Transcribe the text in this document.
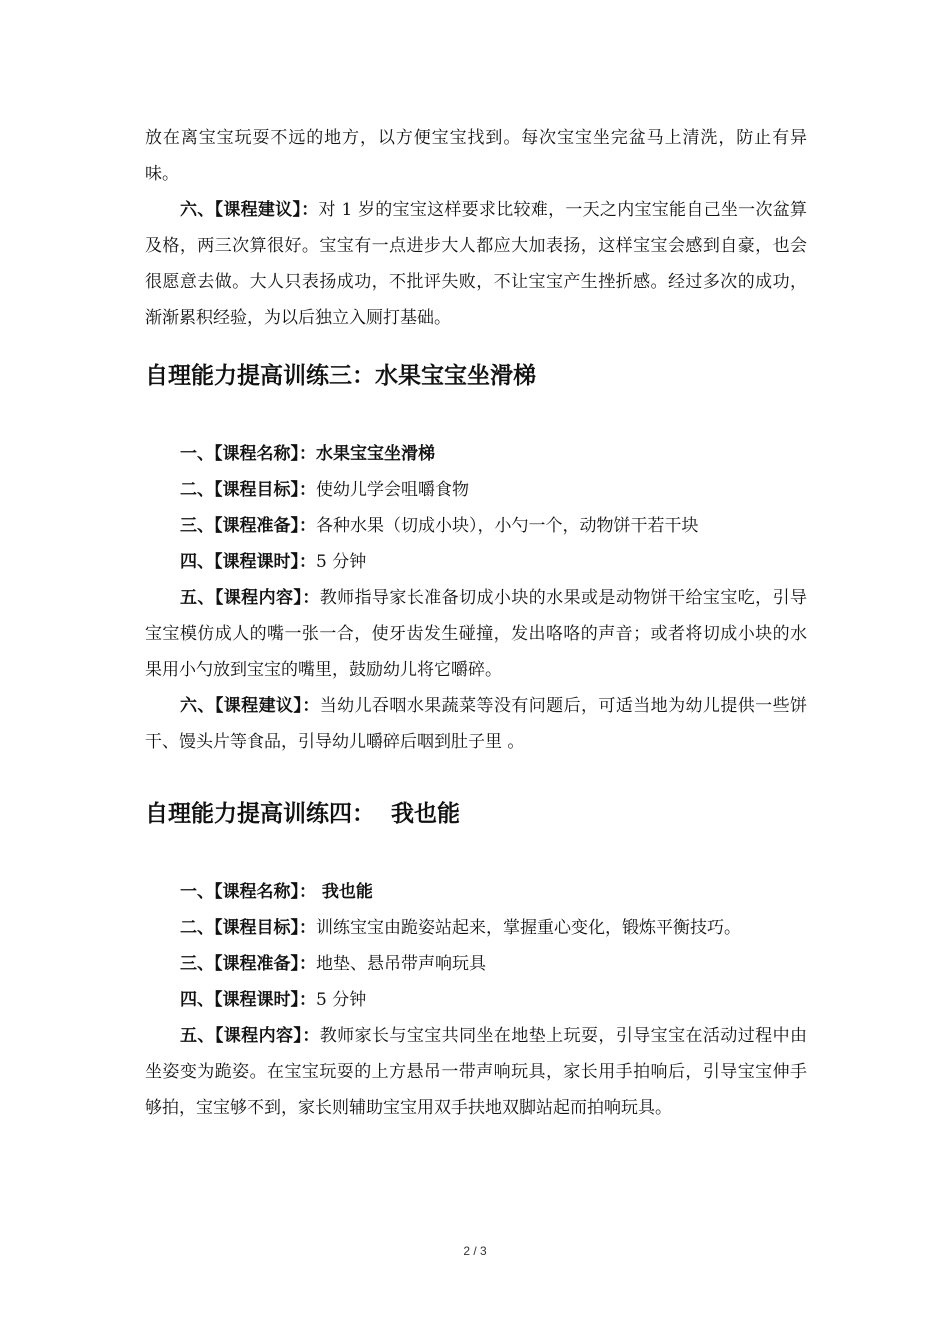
放在离宝宝玩耍不远的地方，以方便宝宝找到。每次宝宝坐完盆马上清洗，防止有异味。

六、【课程建议】：对 1 岁的宝宝这样要求比较难，一天之内宝宝能自己坐一次盆算及格，两三次算很好。宝宝有一点进步大人都应大加表扬，这样宝宝会感到自豪，也会很愿意去做。大人只表扬成功，不批评失败，不让宝宝产生挫折感。经过多次的成功，渐渐累积经验，为以后独立入厕打基础。

自理能力提高训练三：水果宝宝坐滑梯

一、【课程名称】：水果宝宝坐滑梯

二、【课程目标】：使幼儿学会咀嚼食物

三、【课程准备】：各种水果（切成小块），小勺一个，动物饼干若干块

四、【课程课时】：5 分钟

五、【课程内容】：教师指导家长准备切成小块的水果或是动物饼干给宝宝吃，引导宝宝模仿成人的嘴一张一合，使牙齿发生碰撞，发出咯咯的声音；或者将切成小块的水果用小勺放到宝宝的嘴里，鼓励幼儿将它嚼碎。

六、【课程建议】：当幼儿吞咽水果蔬菜等没有问题后，可适当地为幼儿提供一些饼干、馒头片等食品，引导幼儿嚼碎后咽到肚子里 。

自理能力提高训练四：  我也能

一、【课程名称】： 我也能

二、【课程目标】：训练宝宝由跪姿站起来，掌握重心变化，锻炼平衡技巧。

三、【课程准备】：地垫、悬吊带声响玩具

四、【课程课时】：5 分钟

五、【课程内容】：教师家长与宝宝共同坐在地垫上玩耍，引导宝宝在活动过程中由坐姿变为跪姿。在宝宝玩耍的上方悬吊一带声响玩具，家长用手拍响后，引导宝宝伸手够拍，宝宝够不到，家长则辅助宝宝用双手扶地双脚站起而拍响玩具。

2 / 3
